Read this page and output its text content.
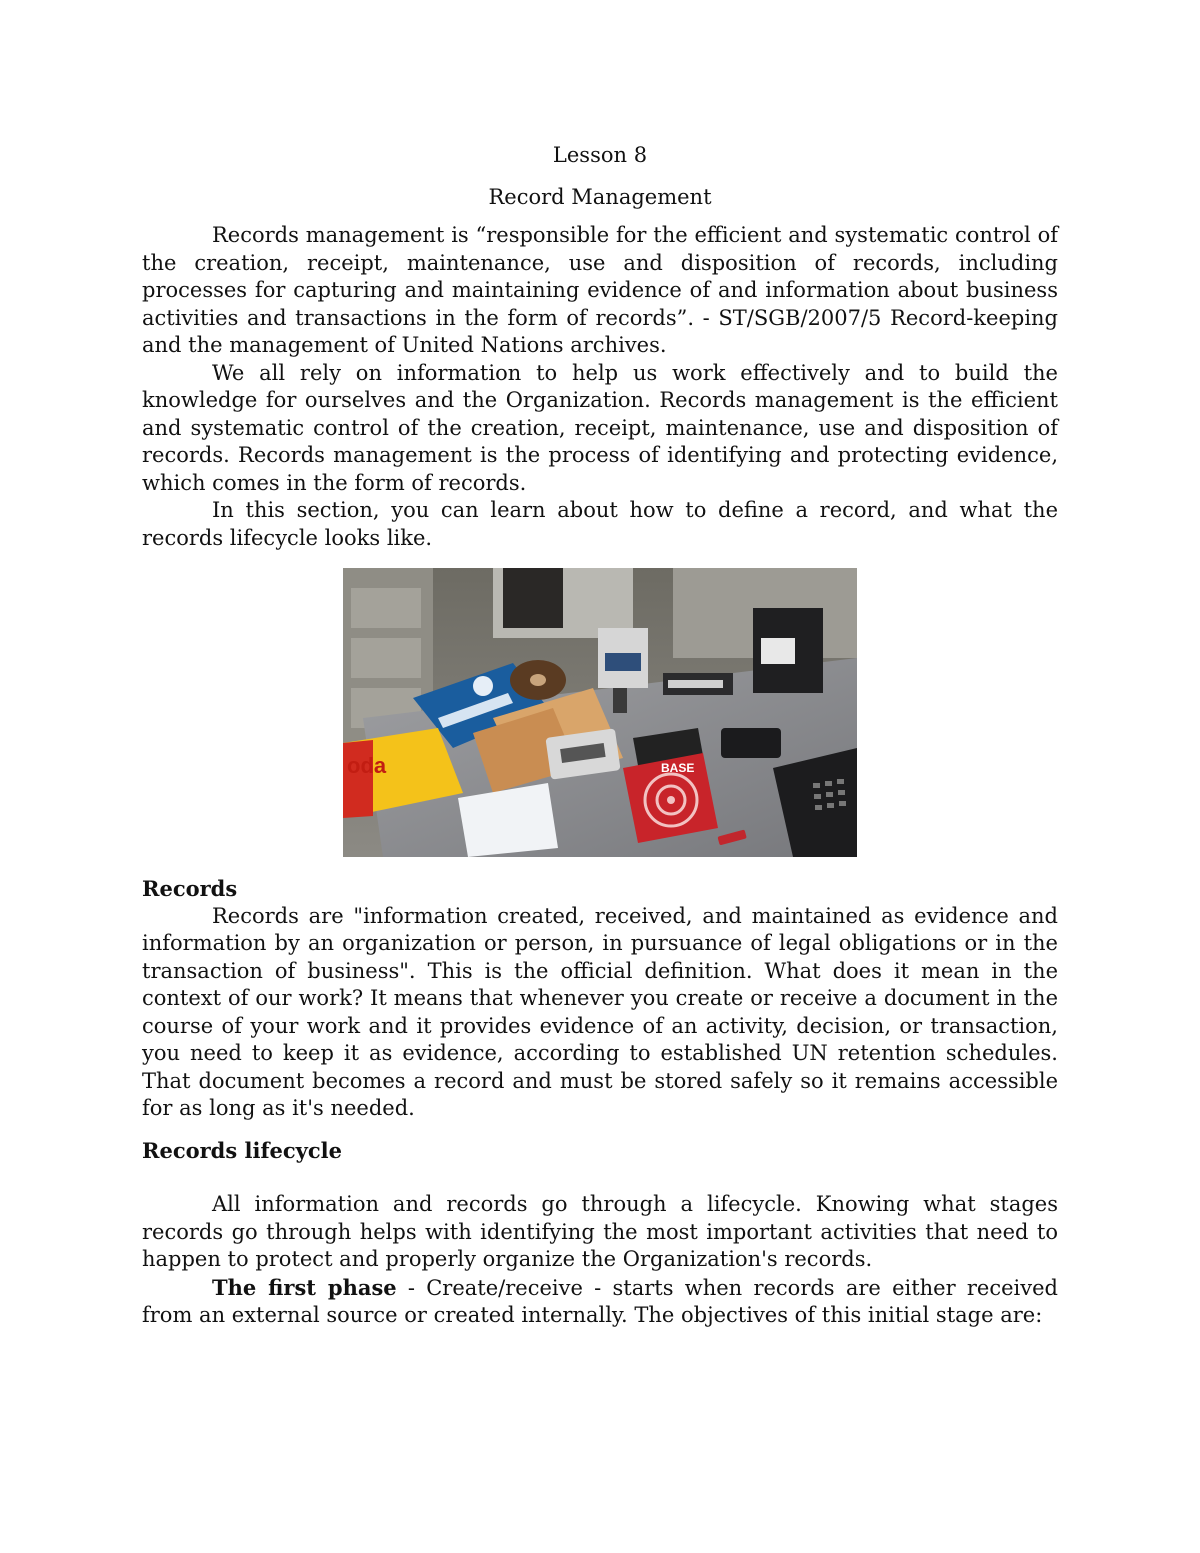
Lesson 8
Record Management

Records management is “responsible for the efficient and systematic control of the creation, receipt, maintenance, use and disposition of records, including processes for capturing and maintaining evidence of and information about business activities and transactions in the form of records”. - ST/SGB/2007/5 Record-keeping and the management of United Nations archives.

We all rely on information to help us work effectively and to build the knowledge for ourselves and the Organization. Records management is the efficient and systematic control of the creation, receipt, maintenance, use and disposition of records. Records management is the process of identifying and protecting evidence, which comes in the form of records.

In this section, you can learn about how to define a record, and what the records lifecycle looks like.

oda	BASE
Records

Records are "information created, received, and maintained as evidence and information by an organization or person, in pursuance of legal obligations or in the transaction of business". This is the official definition. What does it mean in the context of our work? It means that whenever you create or receive a document in the course of your work and it provides evidence of an activity, decision, or transaction, you need to keep it as evidence, according to established UN retention schedules. That document becomes a record and must be stored safely so it remains accessible for as long as it's needed.

Records lifecycle

All information and records go through a lifecycle. Knowing what stages records go through helps with identifying the most important activities that need to happen to protect and properly organize the Organization's records.

The first phase - Create/receive - starts when records are either received from an external source or created internally. The objectives of this initial stage are:
